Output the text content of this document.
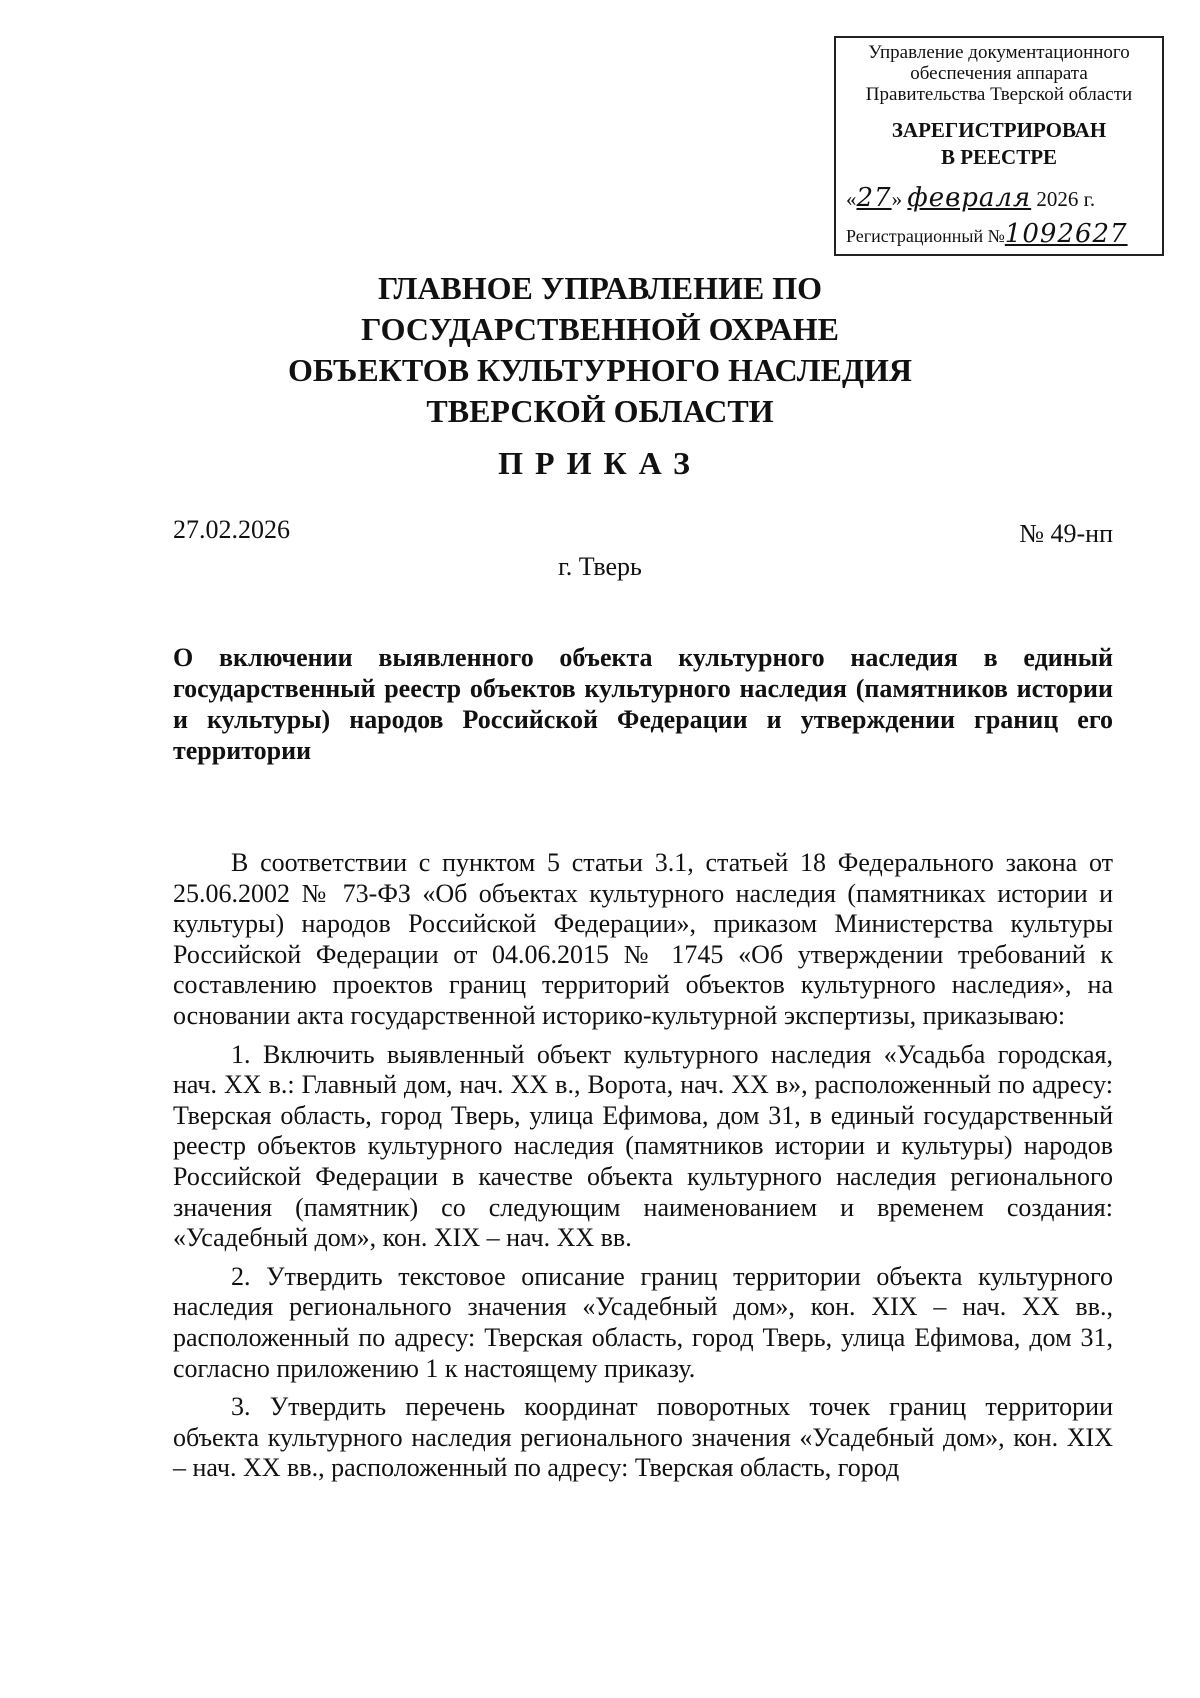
Управление документационного
обеспечения аппарата
Правительства Тверской области
ЗАРЕГИСТРИРОВАН
В РЕЕСТРЕ
«27» февраля 2026 г.
Регистрационный №1092627
ГЛАВНОЕ УПРАВЛЕНИЕ ПО
ГОСУДАРСТВЕННОЙ ОХРАНЕ
ОБЪЕКТОВ КУЛЬТУРНОГО НАСЛЕДИЯ
ТВЕРСКОЙ ОБЛАСТИ
ПРИКАЗ
27.02.2026	№ 49-нп
г. Тверь
О включении выявленного объекта культурного наследия в единый государственный реестр объектов культурного наследия (памятников истории и культуры) народов Российской Федерации и утверждении границ его территории

В соответствии с пунктом 5 статьи 3.1, статьей 18 Федерального закона от 25.06.2002 № 73-ФЗ «Об объектах культурного наследия (памятниках истории и культуры) народов Российской Федерации», приказом Министерства культуры Российской Федерации от 04.06.2015 № 1745 «Об утверждении требований к составлению проектов границ территорий объектов культурного наследия», на основании акта государственной историко-культурной экспертизы, приказываю:

1. Включить выявленный объект культурного наследия «Усадьба городская, нач. XX в.: Главный дом, нач. XX в., Ворота, нач. XX в», расположенный по адресу: Тверская область, город Тверь, улица Ефимова, дом 31, в единый государственный реестр объектов культурного наследия (памятников истории и культуры) народов Российской Федерации в качестве объекта культурного наследия регионального значения (памятник) со следующим наименованием и временем создания: «Усадебный дом», кон. XIX – нач. XX вв.

2. Утвердить текстовое описание границ территории объекта культурного наследия регионального значения «Усадебный дом», кон. XIX – нач. XX вв., расположенный по адресу: Тверская область, город Тверь, улица Ефимова, дом 31, согласно приложению 1 к настоящему приказу.

3. Утвердить перечень координат поворотных точек границ территории объекта культурного наследия регионального значения «Усадебный дом», кон. XIX – нач. XX вв., расположенный по адресу: Тверская область, город
